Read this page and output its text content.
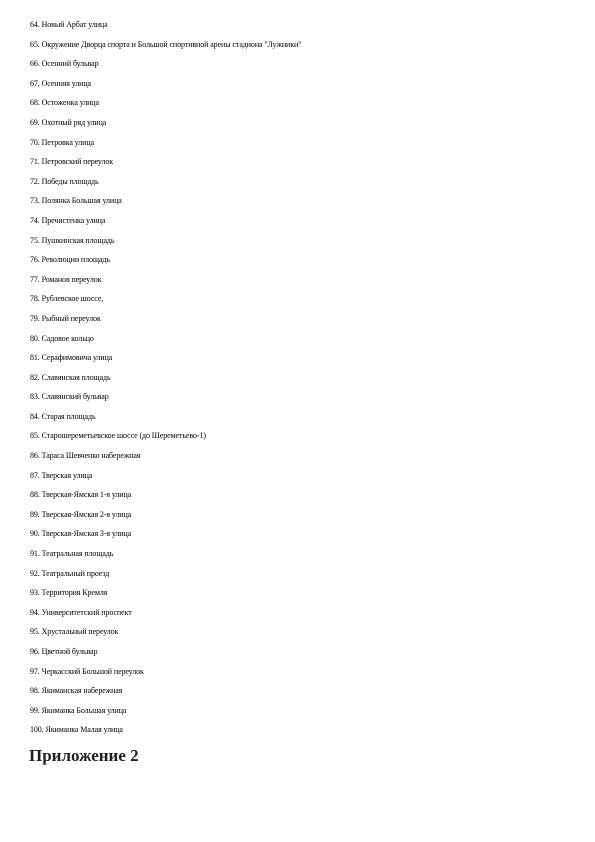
64. Новый Арбат улица
65. Окружение Дворца спорта и Большой спортивной арены стадиона "Лужники"
66. Осенний бульвар
67. Осенняя улица
68. Остоженка улица
69. Охотный ряд улица
70. Петровка улица
71. Петровский переулок
72. Победы площадь
73. Полянка Большая улица
74. Пречистенка улица
75. Пушкинская площадь
76. Революции площадь
77. Романов переулок
78. Рублевское шоссе,
79. Рыбный переулок
80. Садовое кольцо
81. Серафимовича улица
82. Славянская площадь
83. Славянский бульвар
84. Старая площадь
85. Старошереметьевское шоссе (до Шереметьево-1)
86. Тараса Шевченко набережная
87. Тверская улица
88. Тверская-Ямская 1-я улица
89. Тверская-Ямская 2-я улица
90. Тверская-Ямская 3-я улица
91. Театральная площадь
92. Театральный проезд
93. Территория Кремля
94. Университетский проспект
95. Хрустальный переулок
96. Цветной бульвар
97. Черкасский Большой переулок
98. Якиманская набережная
99. Якиманка Большая улица
100. Якиманка Малая улица
Приложение 2
